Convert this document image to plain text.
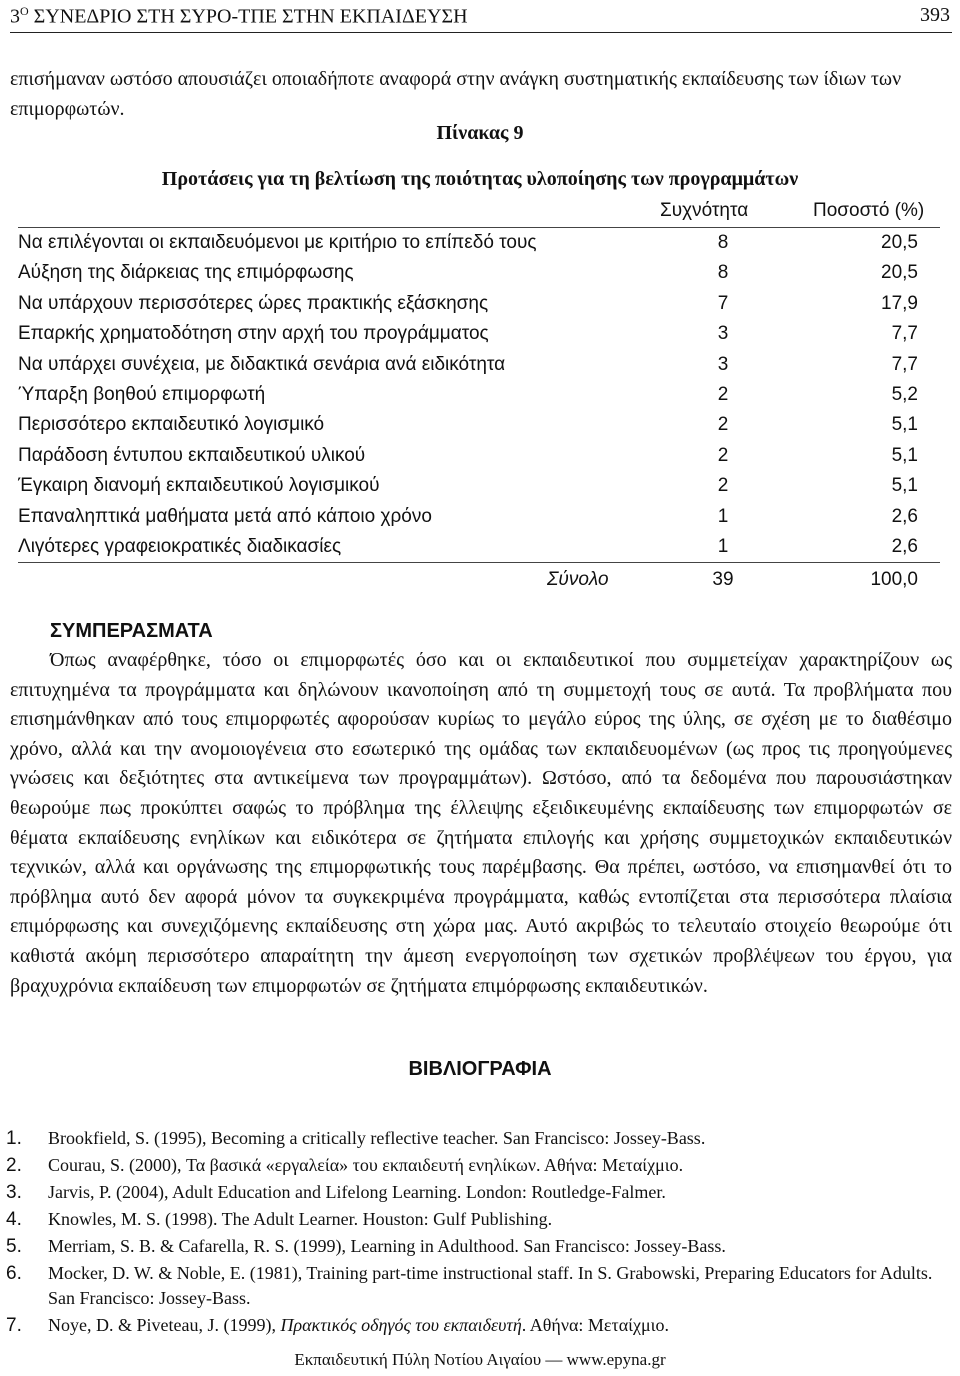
$3^O$ ΣΥΝΕΔΡΙΟ ΣΤΗ ΣΥΡΟ-ΤΠΕ ΣΤΗΝ ΕΚΠΑΙΔΕΥΣΗ	393
επισήμαναν ωστόσο απουσιάζει οποιαδήποτε αναφορά στην ανάγκη συστηματικής εκπαίδευσης των ίδιων των επιμορφωτών.
Πίνακας 9
Προτάσεις για τη βελτίωση της ποιότητας υλοποίησης των προγραμμάτων
Συχνότητα	Ποσοστό (%)
Να επιλέγονται οι εκπαιδευόμενοι με κριτήριο το επίπεδό τους	8	20,5
Αύξηση της διάρκειας της επιμόρφωσης	8	20,5
Να υπάρχουν περισσότερες ώρες πρακτικής εξάσκησης	7	17,9
Επαρκής χρηματοδότηση στην αρχή του προγράμματος	3	7,7
Να υπάρχει συνέχεια, με διδακτικά σενάρια ανά ειδικότητα	3	7,7
Ύπαρξη βοηθού επιμορφωτή	2	5,2
Περισσότερο εκπαιδευτικό λογισμικό	2	5,1
Παράδοση έντυπου εκπαιδευτικού υλικού	2	5,1
Έγκαιρη διανομή εκπαιδευτικού λογισμικού	2	5,1
Επαναληπτικά μαθήματα μετά από κάποιο χρόνο	1	2,6
Λιγότερες γραφειοκρατικές διαδικασίες	1	2,6
Σύνολο	39	100,0
ΣΥΜΠΕΡΑΣΜΑΤΑ
Όπως αναφέρθηκε, τόσο οι επιμορφωτές όσο και οι εκπαιδευτικοί που συμμετείχαν χαρακτηρίζουν ως επιτυχημένα τα προγράμματα και δηλώνουν ικανοποίηση από τη συμμετοχή τους σε αυτά. Τα προβλήματα που επισημάνθηκαν από τους επιμορφωτές αφορούσαν κυρίως το μεγάλο εύρος της ύλης, σε σχέση με το διαθέσιμο χρόνο, αλλά και την ανομοιογένεια στο εσωτερικό της ομάδας των εκπαιδευομένων (ως προς τις προηγούμενες γνώσεις και δεξιότητες στα αντικείμενα των προγραμμάτων). Ωστόσο, από τα δεδομένα που παρουσιάστηκαν θεωρούμε πως προκύπτει σαφώς το πρόβλημα της έλλειψης εξειδικευμένης εκπαίδευσης των επιμορφωτών σε θέματα εκπαίδευσης ενηλίκων και ειδικότερα σε ζητήματα επιλογής και χρήσης συμμετοχικών εκπαιδευτικών τεχνικών, αλλά και οργάνωσης της επιμορφωτικής τους παρέμβασης. Θα πρέπει, ωστόσο, να επισημανθεί ότι το πρόβλημα αυτό δεν αφορά μόνον τα συγκεκριμένα προγράμματα, καθώς εντοπίζεται στα περισσότερα πλαίσια επιμόρφωσης και συνεχιζόμενης εκπαίδευσης στη χώρα μας. Αυτό ακριβώς το τελευταίο στοιχείο θεωρούμε ότι καθιστά ακόμη περισσότερο απαραίτητη την άμεση ενεργοποίηση των σχετικών προβλέψεων του έργου, για βραχυχρόνια εκπαίδευση των επιμορφωτών σε ζητήματα επιμόρφωσης εκπαιδευτικών.
ΒΙΒΛΙΟΓΡΑΦΙΑ
1. Brookfield, S. (1995), Becoming a critically reflective teacher. San Francisco: Jossey-Bass.
2. Courau, S. (2000), Τα βασικά «εργαλεία» του εκπαιδευτή ενηλίκων. Αθήνα: Μεταίχμιο.
3. Jarvis, P. (2004), Adult Education and Lifelong Learning. London: Routledge-Falmer.
4. Knowles, M. S. (1998). The Adult Learner. Houston: Gulf Publishing.
5. Merriam, S. B. & Cafarella, R. S. (1999), Learning in Adulthood. San Francisco: Jossey-Bass.
6. Mocker, D. W. & Noble, E. (1981), Training part-time instructional staff. In S. Grabowski, Preparing Educators for Adults. San Francisco: Jossey-Bass.
7. Noye, D. & Piveteau, J. (1999), Πρακτικός οδηγός του εκπαιδευτή. Αθήνα: Μεταίχμιο.
Εκπαιδευτική Πύλη Νοτίου Αιγαίου ― www.epyna.gr
